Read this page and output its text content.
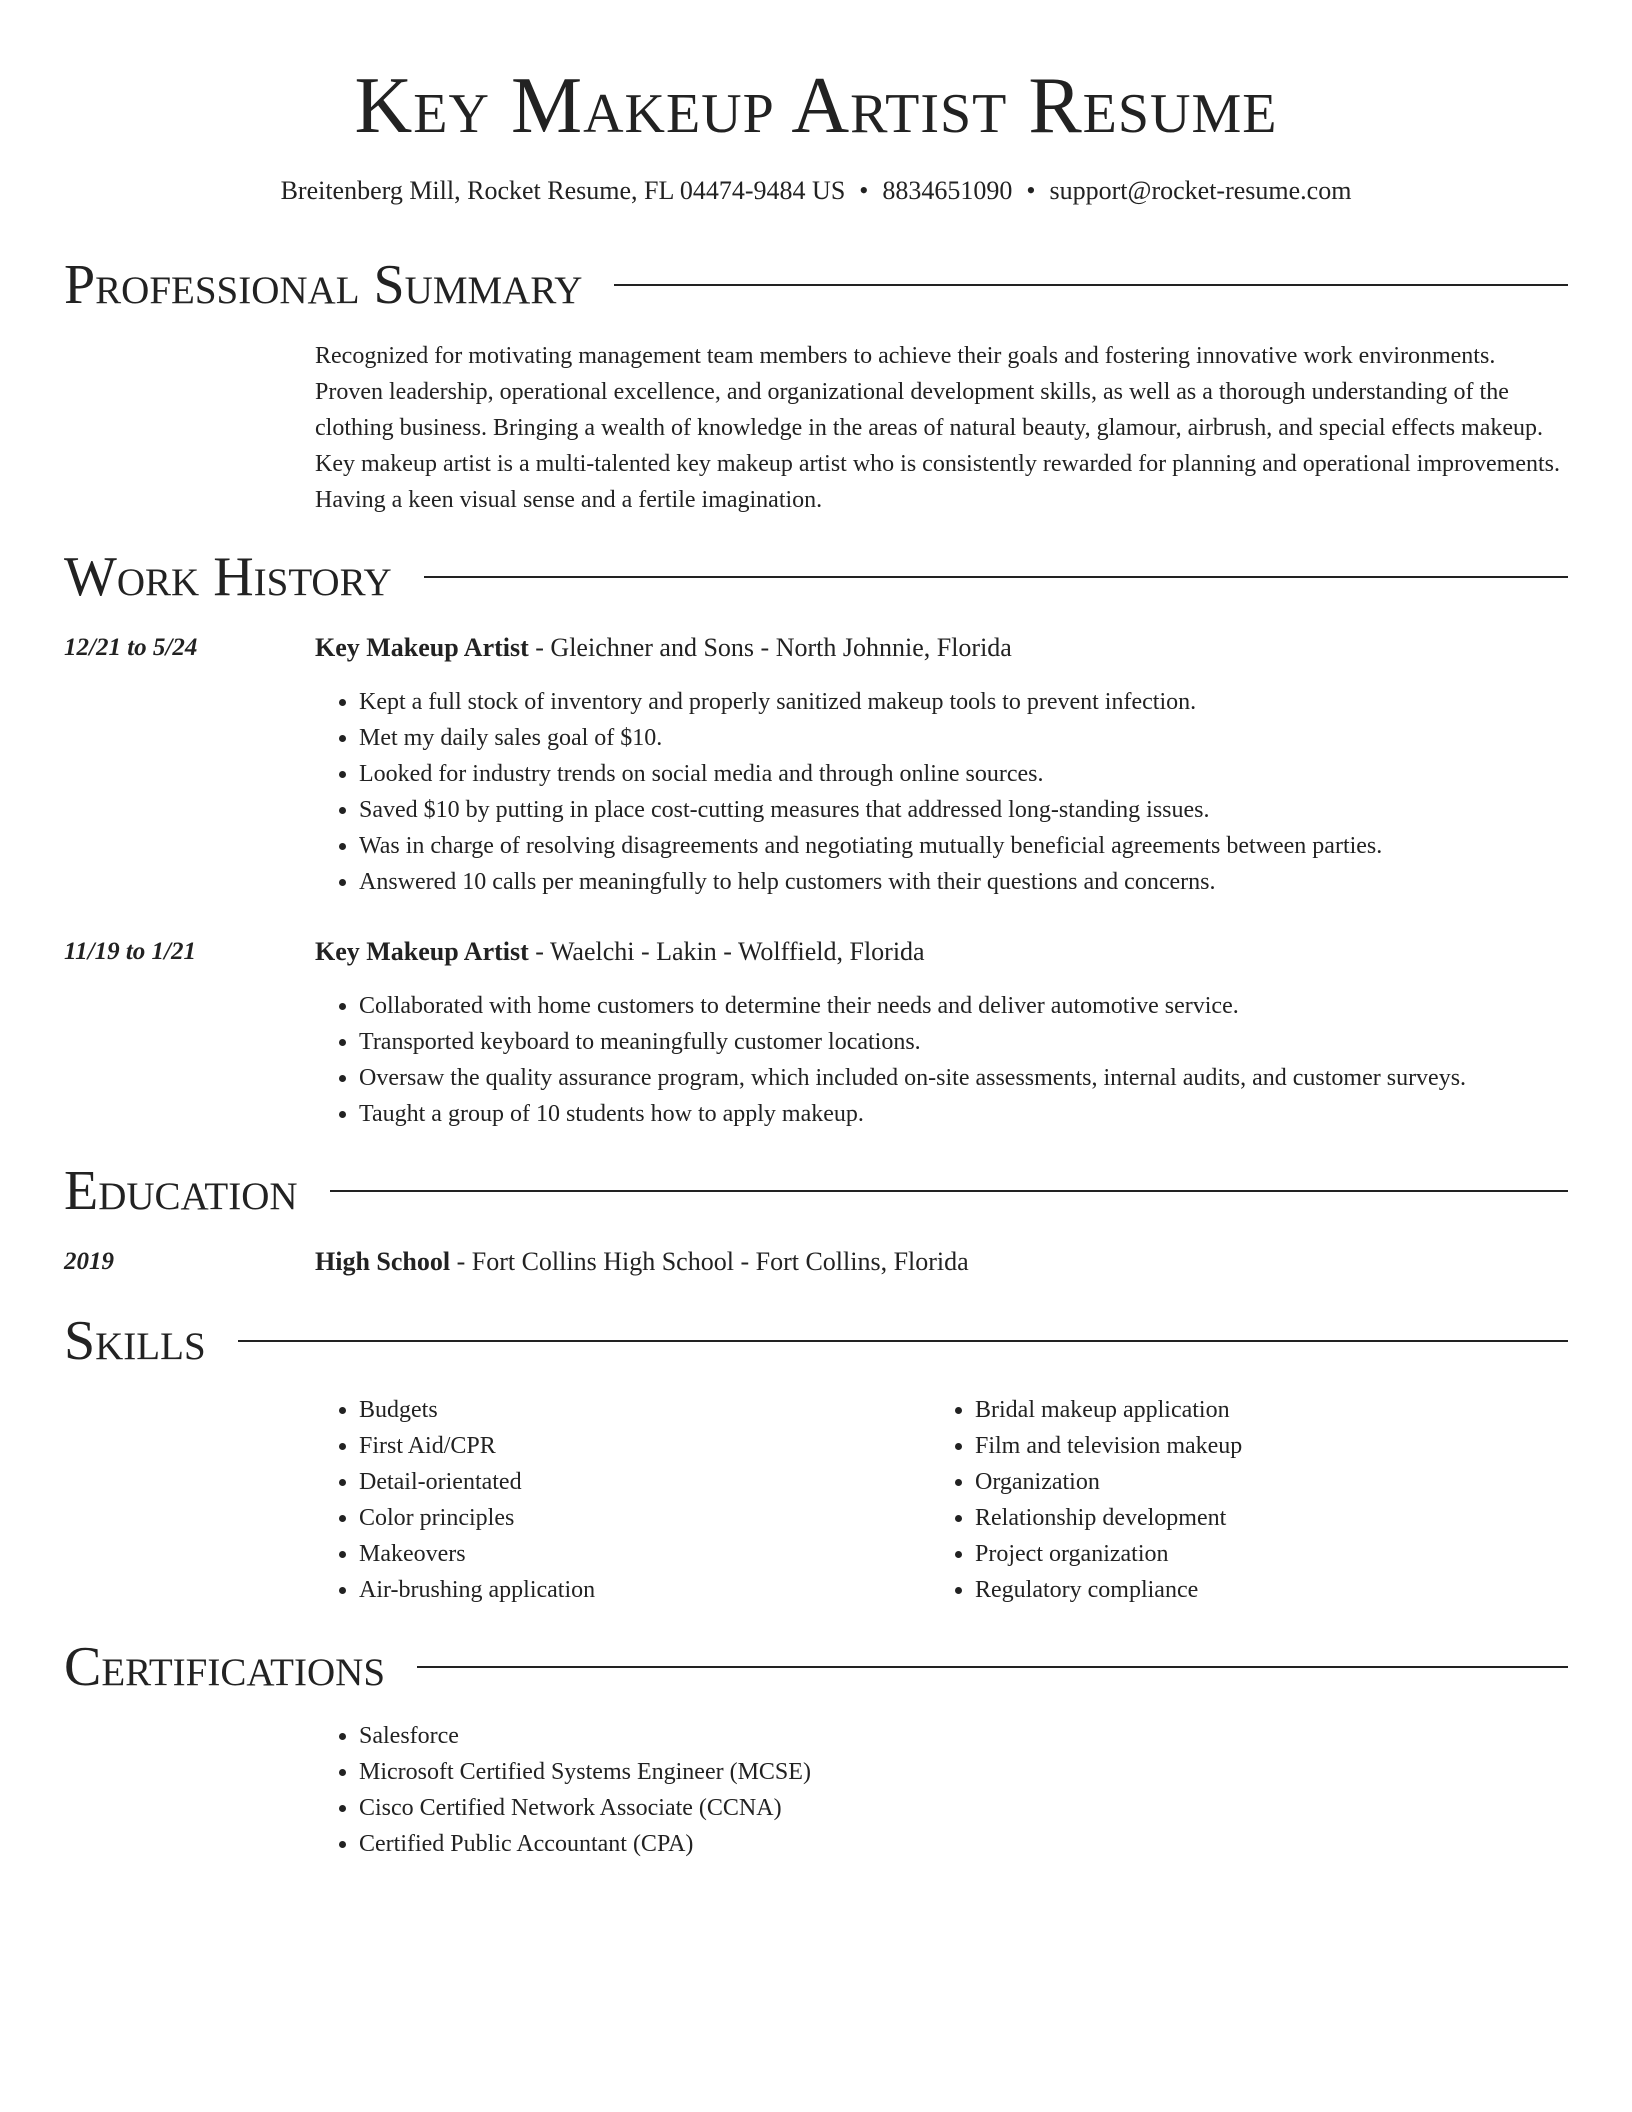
Key Makeup Artist Resume
Breitenberg Mill, Rocket Resume, FL 04474-9484 US • 8834651090 • support@rocket-resume.com
Professional Summary
Recognized for motivating management team members to achieve their goals and fostering innovative work environments. Proven leadership, operational excellence, and organizational development skills, as well as a thorough understanding of the clothing business. Bringing a wealth of knowledge in the areas of natural beauty, glamour, airbrush, and special effects makeup. Key makeup artist is a multi-talented key makeup artist who is consistently rewarded for planning and operational improvements. Having a keen visual sense and a fertile imagination.
Work History
12/21 to 5/24	Key Makeup Artist - Gleichner and Sons - North Johnnie, Florida
• Kept a full stock of inventory and properly sanitized makeup tools to prevent infection.
• Met my daily sales goal of $10.
• Looked for industry trends on social media and through online sources.
• Saved $10 by putting in place cost-cutting measures that addressed long-standing issues.
• Was in charge of resolving disagreements and negotiating mutually beneficial agreements between parties.
• Answered 10 calls per meaningfully to help customers with their questions and concerns.
11/19 to 1/21	Key Makeup Artist - Waelchi - Lakin - Wolffield, Florida
• Collaborated with home customers to determine their needs and deliver automotive service.
• Transported keyboard to meaningfully customer locations.
• Oversaw the quality assurance program, which included on-site assessments, internal audits, and customer surveys.
• Taught a group of 10 students how to apply makeup.
Education
2019	High School - Fort Collins High School - Fort Collins, Florida
Skills
• Budgets
• First Aid/CPR
• Detail-orientated
• Color principles
• Makeovers
• Air-brushing application
• Bridal makeup application
• Film and television makeup
• Organization
• Relationship development
• Project organization
• Regulatory compliance
Certifications
• Salesforce
• Microsoft Certified Systems Engineer (MCSE)
• Cisco Certified Network Associate (CCNA)
• Certified Public Accountant (CPA)
